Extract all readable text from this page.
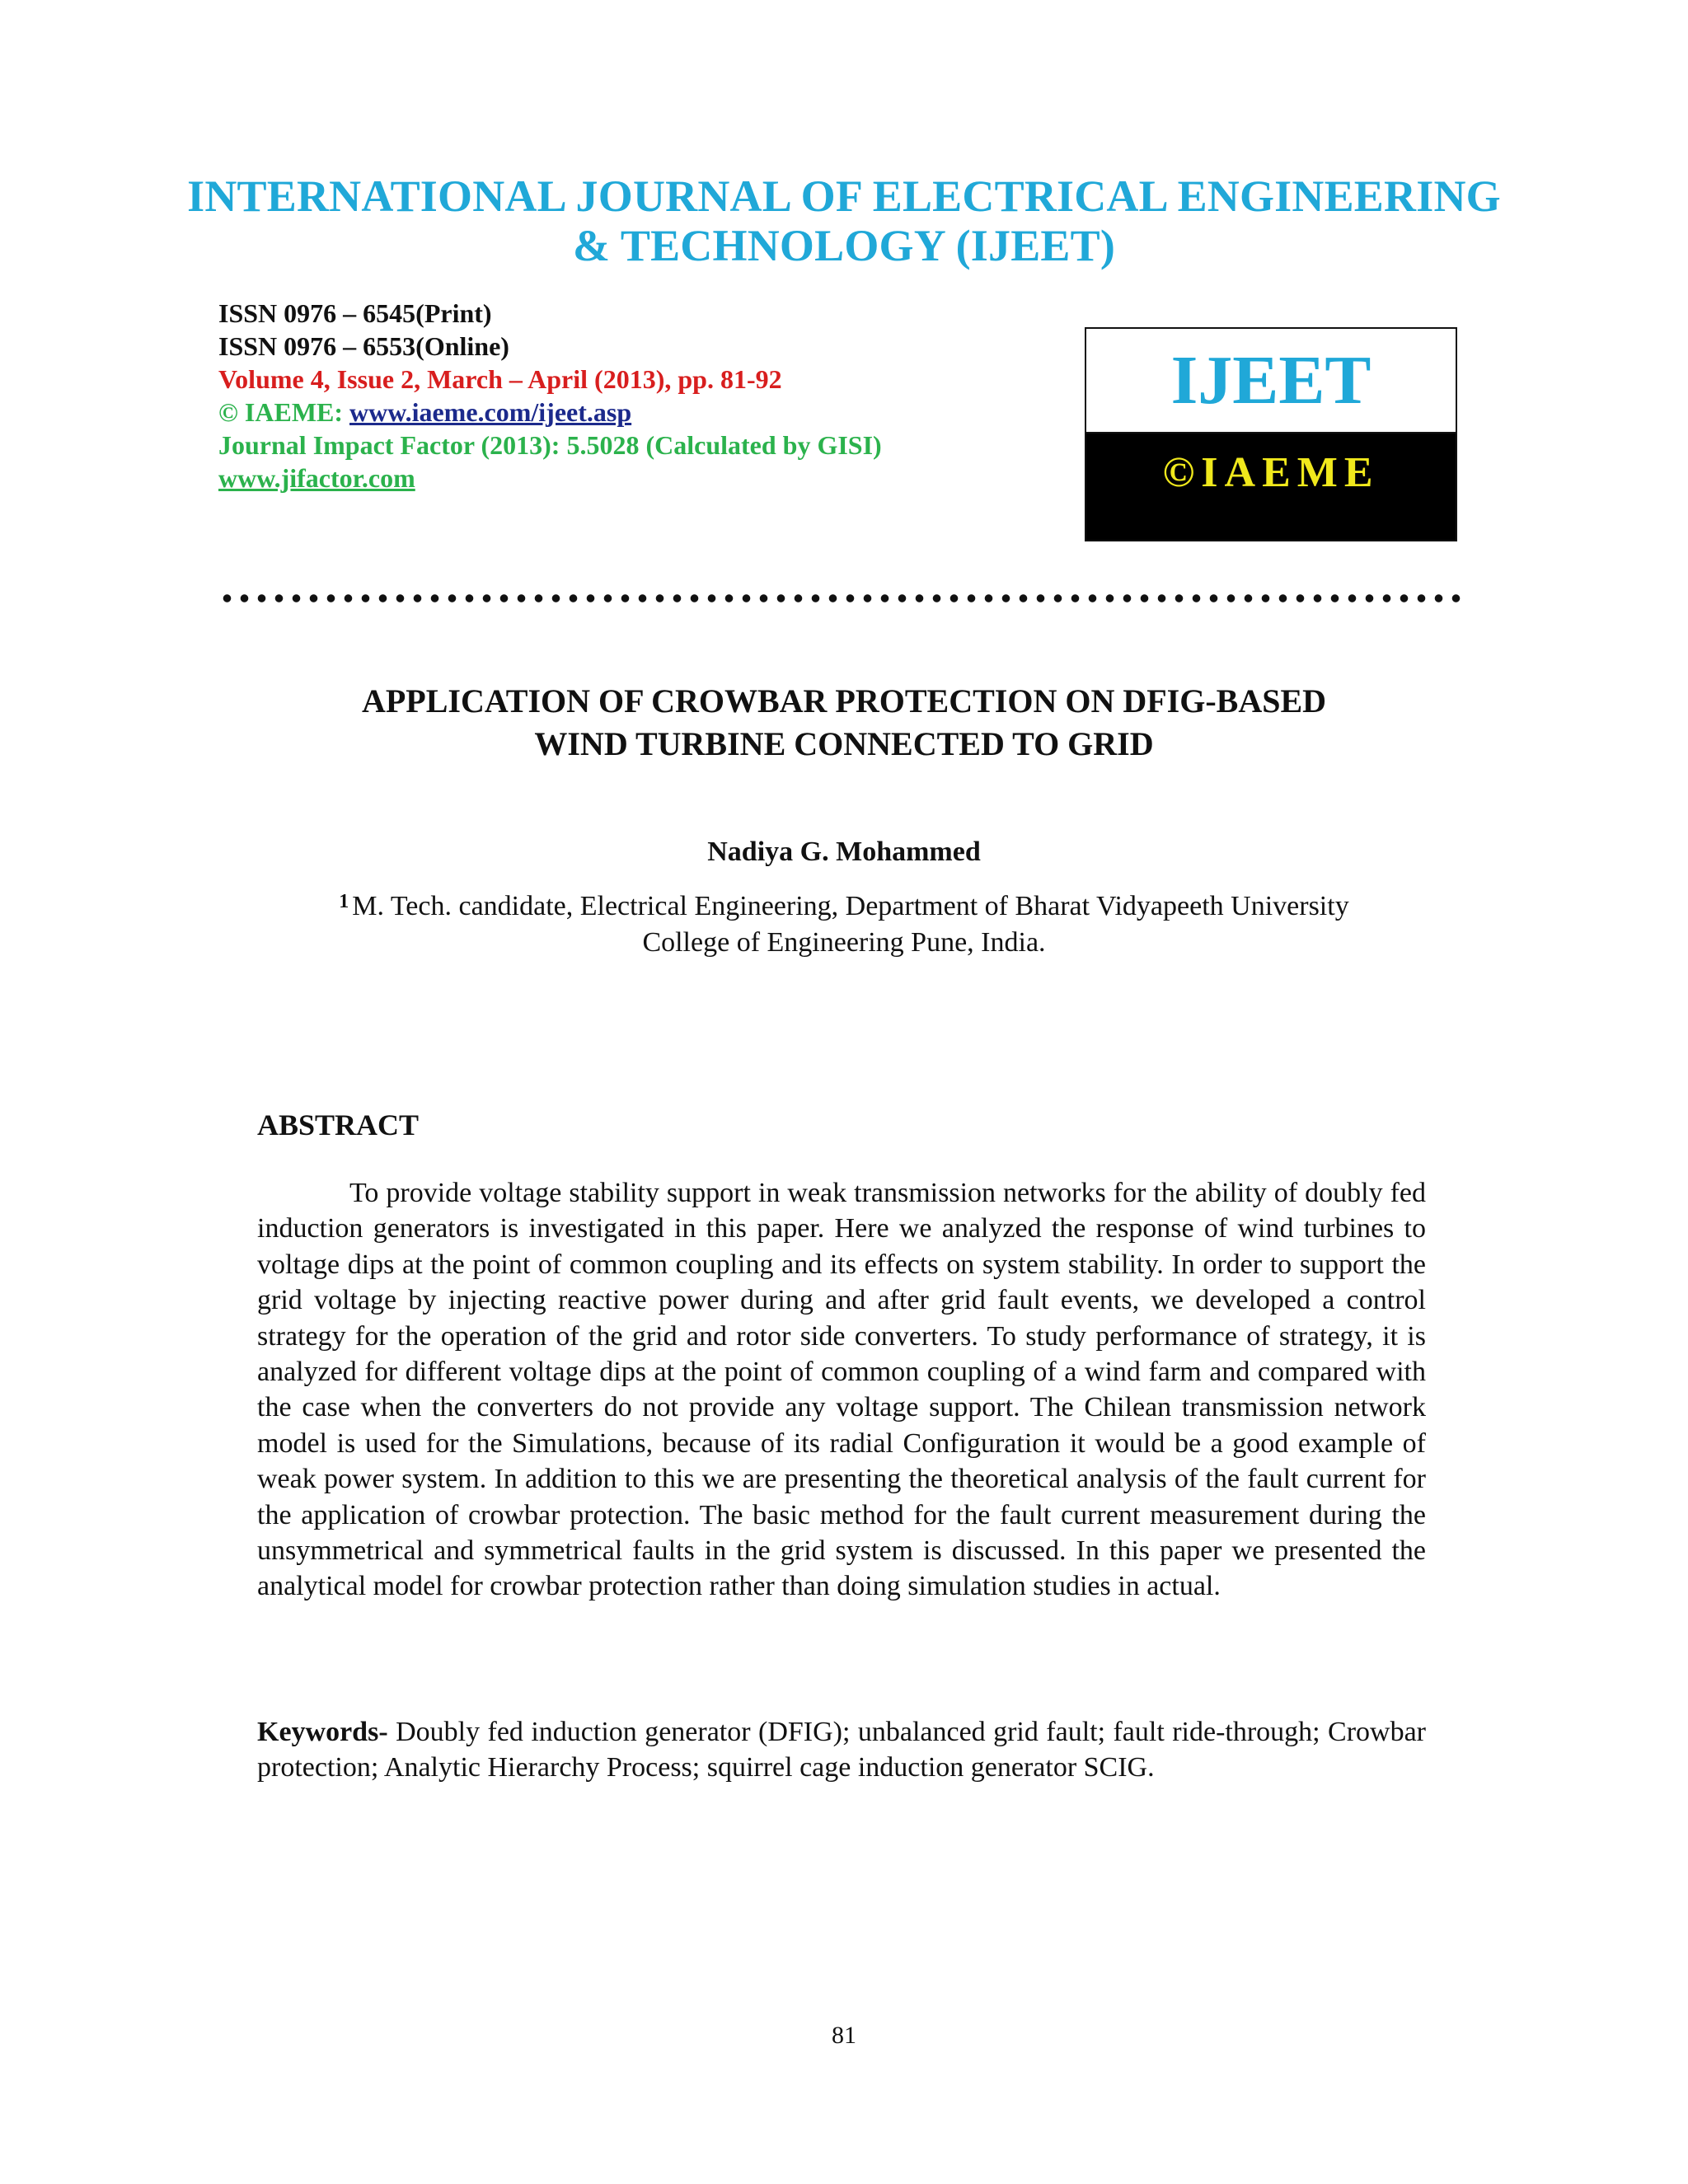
INTERNATIONAL JOURNAL OF ELECTRICAL ENGINEERING
& TECHNOLOGY (IJEET)
ISSN 0976 – 6545(Print)
ISSN 0976 – 6553(Online)
Volume 4, Issue 2, March – April (2013), pp. 81-92
© IAEME: www.iaeme.com/ijeet.asp
Journal Impact Factor (2013): 5.5028 (Calculated by GISI)
www.jifactor.com
IJEET
©IAEME
APPLICATION OF CROWBAR PROTECTION ON DFIG-BASED
WIND TURBINE CONNECTED TO GRID
Nadiya G. Mohammed
$^1$ M. Tech. candidate, Electrical Engineering, Department of Bharat Vidyapeeth University
College of Engineering Pune, India.
ABSTRACT
To provide voltage stability support in weak transmission networks for the ability of doubly fed induction generators is investigated in this paper. Here we analyzed the response of wind turbines to voltage dips at the point of common coupling and its effects on system stability. In order to support the grid voltage by injecting reactive power during and after grid fault events, we developed a control strategy for the operation of the grid and rotor side converters. To study performance of strategy, it is analyzed for different voltage dips at the point of common coupling of a wind farm and compared with the case when the converters do not provide any voltage support. The Chilean transmission network model is used for the Simulations, because of its radial Configuration it would be a good example of weak power system. In addition to this we are presenting the theoretical analysis of the fault current for the application of crowbar protection. The basic method for the fault current measurement during the unsymmetrical and symmetrical faults in the grid system is discussed. In this paper we presented the analytical model for crowbar protection rather than doing simulation studies in actual.
Keywords- Doubly fed induction generator (DFIG); unbalanced grid fault; fault ride-through; Crowbar protection; Analytic Hierarchy Process; squirrel cage induction generator SCIG.
81
